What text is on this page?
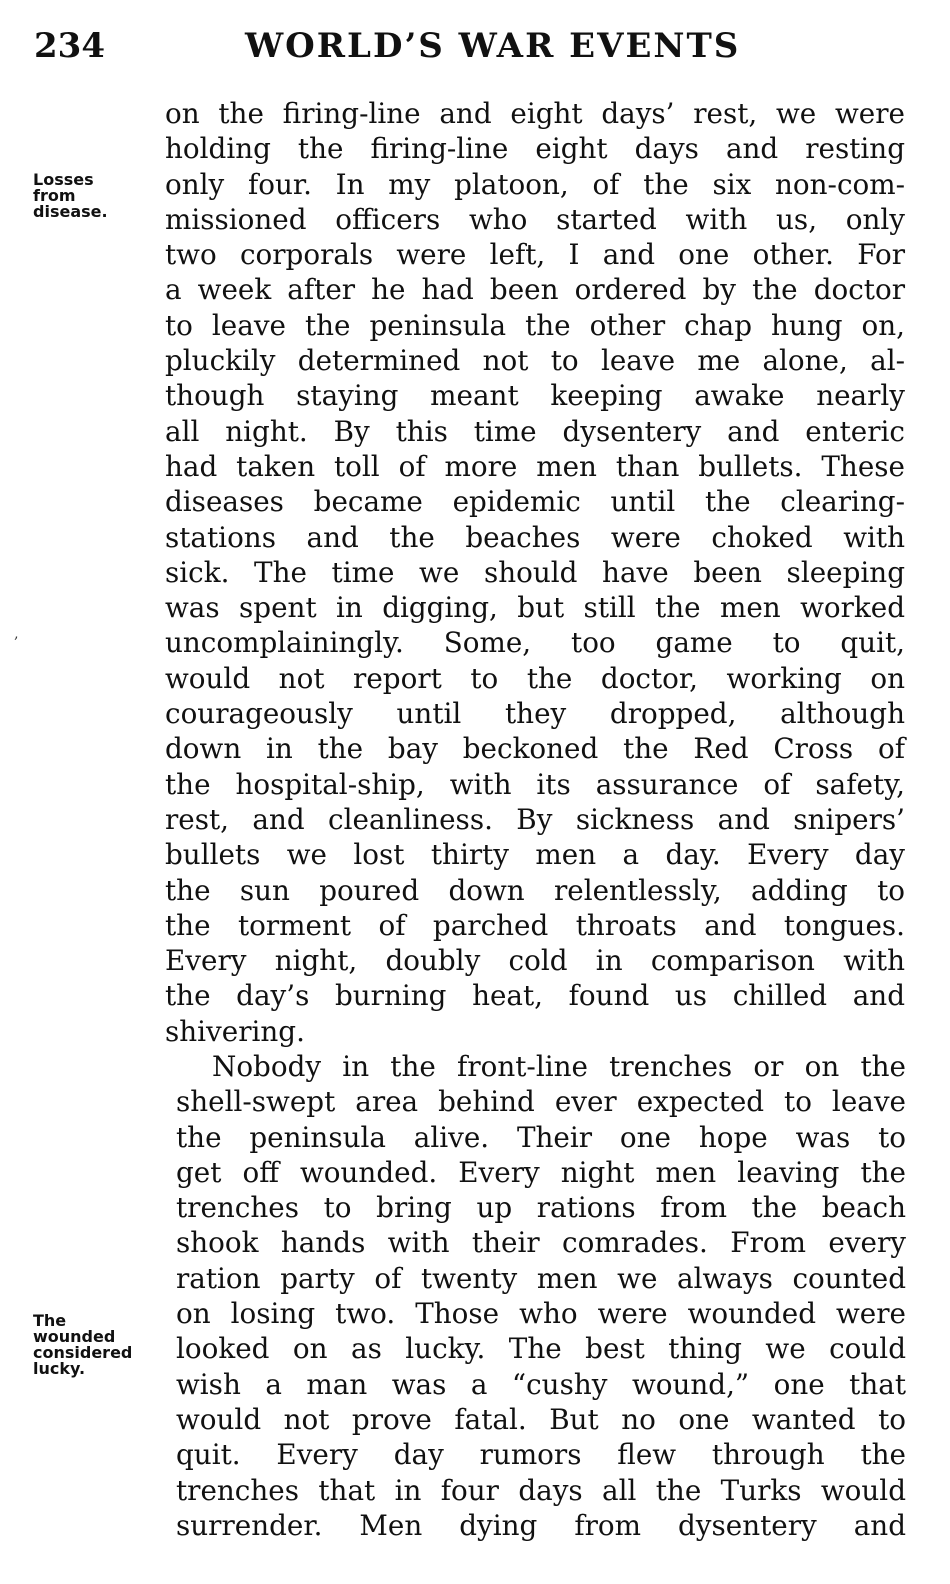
234	WORLD’S WAR EVENTS
Losses
from
disease.
The
wounded
considered
lucky.
‚
on the firing-line and eight days’ rest, we were
holding the firing-line eight days and resting
only four. In my platoon, of the six non-com-
missioned officers who started with us, only
two corporals were left, I and one other. For
a week after he had been ordered by the doctor
to leave the peninsula the other chap hung on,
pluckily determined not to leave me alone, al-
though staying meant keeping awake nearly
all night. By this time dysentery and enteric
had taken toll of more men than bullets. These
diseases became epidemic until the clearing-
stations and the beaches were choked with
sick. The time we should have been sleeping
was spent in digging, but still the men worked
uncomplainingly. Some, too game to quit,
would not report to the doctor, working on
courageously until they dropped, although
down in the bay beckoned the Red Cross of
the hospital-ship, with its assurance of safety,
rest, and cleanliness. By sickness and snipers’
bullets we lost thirty men a day. Every day
the sun poured down relentlessly, adding to
the torment of parched throats and tongues.
Every night, doubly cold in comparison with
the day’s burning heat, found us chilled and
shivering.
Nobody in the front-line trenches or on the
shell-swept area behind ever expected to leave
the peninsula alive. Their one hope was to
get off wounded. Every night men leaving the
trenches to bring up rations from the beach
shook hands with their comrades. From every
ration party of twenty men we always counted
on losing two. Those who were wounded were
looked on as lucky. The best thing we could
wish a man was a “cushy wound,” one that
would not prove fatal. But no one wanted to
quit. Every day rumors flew through the
trenches that in four days all the Turks would
surrender. Men dying from dysentery and
